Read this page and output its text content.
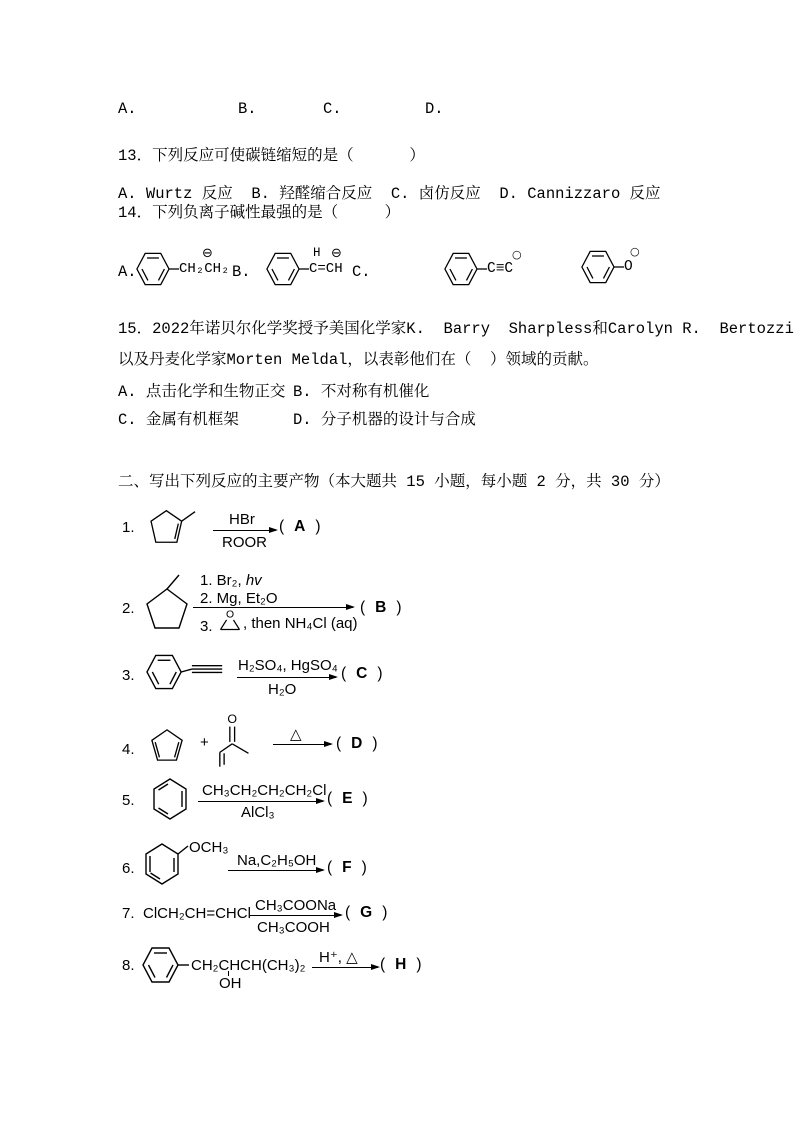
A.	B.	C.	D.
13．下列反应可使碳链缩短的是（      ）
A. Wurtz 反应  B. 羟醛缩合反应  C. 卤仿反应  D. Cannizzaro 反应
14．下列负离子碱性最强的是（     ）
A.	CH₂CH₂
⊖
B.	C=CH
H ⊖
C.	C≡C
○
O
○
15．2022年诺贝尔化学奖授予美国化学家K.  Barry  Sharpless和Carolyn R.  Bertozzi
以及丹麦化学家Morten Meldal，以表彰他们在（  ）领域的贡献。
A. 点击化学和生物正交 B. 不对称有机催化
C. 金属有机框架	D. 分子机器的设计与合成
二、写出下列反应的主要产物（本大题共 15 小题，每小题 2 分，共 30 分）
1.	HBr
ROOR
( A )
2.
1. Br₂, hv
2. Mg, Et₂O
3.
O
, then NH₄Cl (aq)
( B )
3.
H₂SO₄, HgSO₄
H₂O
( C )
4.	+
O
△
→ ( D )
5.
CH₃CH₂CH₂CH₂Cl
AlCl₃
( E )
6.
OCH₃
Na,C₂H₅OH ( F )
7. ClCH₂CH=CHCl CH₃COONa
CH₃COOH
( G )
8.	CH₂CHCH(CH₃)₂
OH
H⁺, △ ( H )
